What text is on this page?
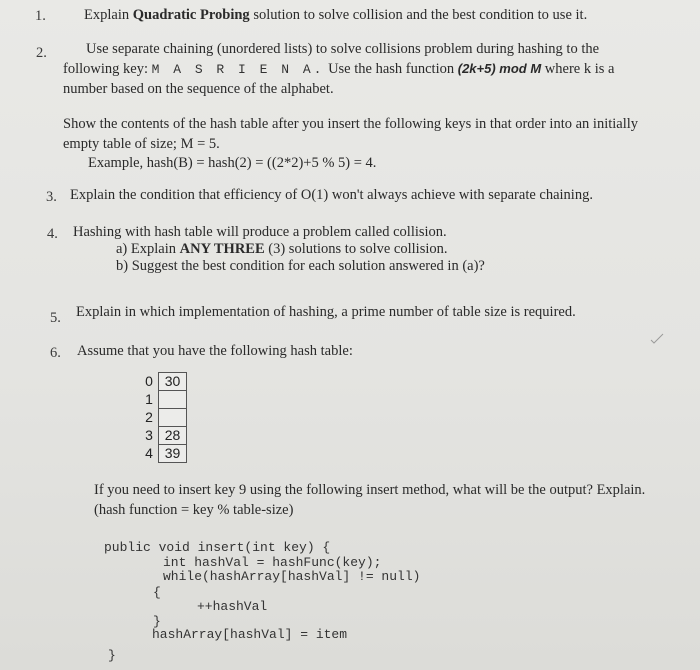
1.	Explain Quadratic Probing solution to solve collision and the best condition to use it.
2.	Use separate chaining (unordered lists) to solve collisions problem during hashing to the
following key: M A S R I E N A. Use the hash function (2k+5) mod M where k is a
number based on the sequence of the alphabet.
Show the contents of the hash table after you insert the following keys in that order into an initially
empty table of size; M = 5.
Example, hash(B) = hash(2) = ((2*2)+5 % 5) = 4.
3. Explain the condition that efficiency of O(1) won't always achieve with separate chaining.
4. Hashing with hash table will produce a problem called collision.
a) Explain ANY THREE (3) solutions to solve collision.
b) Suggest the best condition for each solution answered in (a)?
5. Explain in which implementation of hashing, a prime number of table size is required.
6. Assume that you have the following hash table:
0	30
1	
2	
3	28
4	39
If you need to insert key 9 using the following insert method, what will be the output? Explain.
(hash function = key % table-size)
public void insert(int key) {
int hashVal = hashFunc(key);
while(hashArray[hashVal] != null)
{
++hashVal
}
hashArray[hashVal] = item
}
